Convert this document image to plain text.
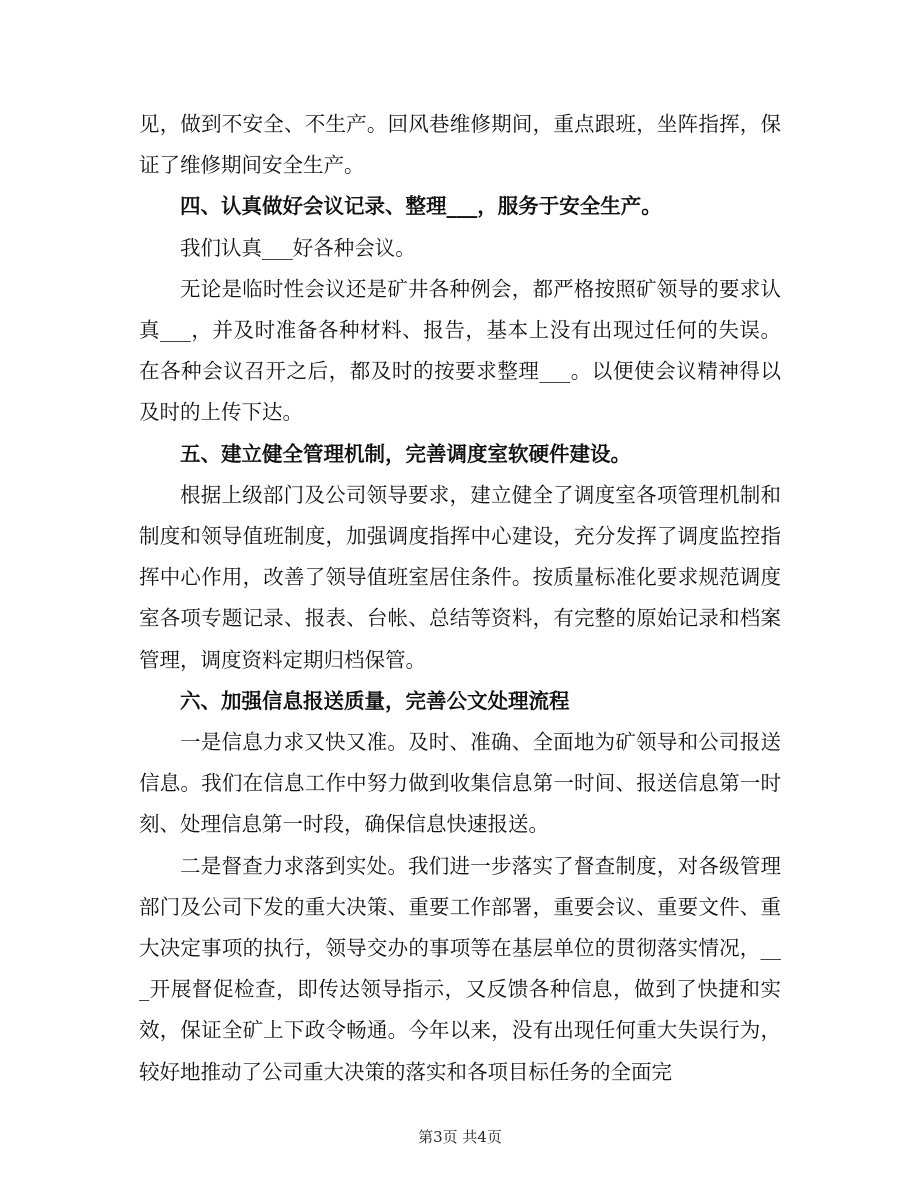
见，做到不安全、不生产。回风巷维修期间，重点跟班，坐阵指挥，保证了维修期间安全生产。

四、认真做好会议记录、整理___，服务于安全生产。

我们认真___好各种会议。

无论是临时性会议还是矿井各种例会，都严格按照矿领导的要求认真___，并及时准备各种材料、报告，基本上没有出现过任何的失误。在各种会议召开之后，都及时的按要求整理___。以便使会议精神得以及时的上传下达。

五、建立健全管理机制，完善调度室软硬件建设。

根据上级部门及公司领导要求，建立健全了调度室各项管理机制和制度和领导值班制度，加强调度指挥中心建设，充分发挥了调度监控指挥中心作用，改善了领导值班室居住条件。按质量标准化要求规范调度室各项专题记录、报表、台帐、总结等资料，有完整的原始记录和档案管理，调度资料定期归档保管。

六、加强信息报送质量，完善公文处理流程

一是信息力求又快又准。及时、准确、全面地为矿领导和公司报送信息。我们在信息工作中努力做到收集信息第一时间、报送信息第一时刻、处理信息第一时段，确保信息快速报送。

二是督查力求落到实处。我们进一步落实了督查制度，对各级管理部门及公司下发的重大决策、重要工作部署，重要会议、重要文件、重大决定事项的执行，领导交办的事项等在基层单位的贯彻落实情况，___开展督促检查，即传达领导指示，又反馈各种信息，做到了快捷和实效，保证全矿上下政令畅通。今年以来，没有出现任何重大失误行为，较好地推动了公司重大决策的落实和各项目标任务的全面完

第3页 共4页
